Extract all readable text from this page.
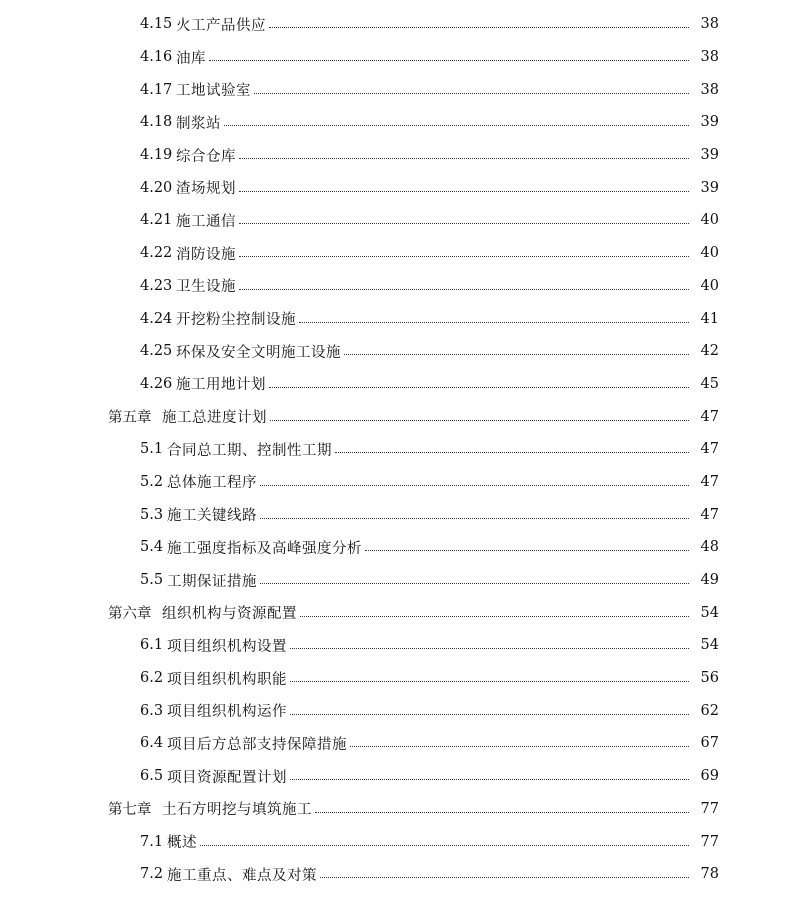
4.15 火工产品供应	38
4.16 油库	38
4.17 工地试验室	38
4.18 制浆站	39
4.19 综合仓库	39
4.20 渣场规划	39
4.21 施工通信	40
4.22 消防设施	40
4.23 卫生设施	40
4.24 开挖粉尘控制设施	41
4.25 环保及安全文明施工设施	42
4.26 施工用地计划	45
第五章 施工总进度计划	47
5.1 合同总工期、控制性工期	47
5.2 总体施工程序	47
5.3 施工关键线路	47
5.4 施工强度指标及高峰强度分析	48
5.5 工期保证措施	49
第六章 组织机构与资源配置	54
6.1 项目组织机构设置	54
6.2 项目组织机构职能	56
6.3 项目组织机构运作	62
6.4 项目后方总部支持保障措施	67
6.5 项目资源配置计划	69
第七章 土石方明挖与填筑施工	77
7.1 概述	77
7.2 施工重点、难点及对策	78
